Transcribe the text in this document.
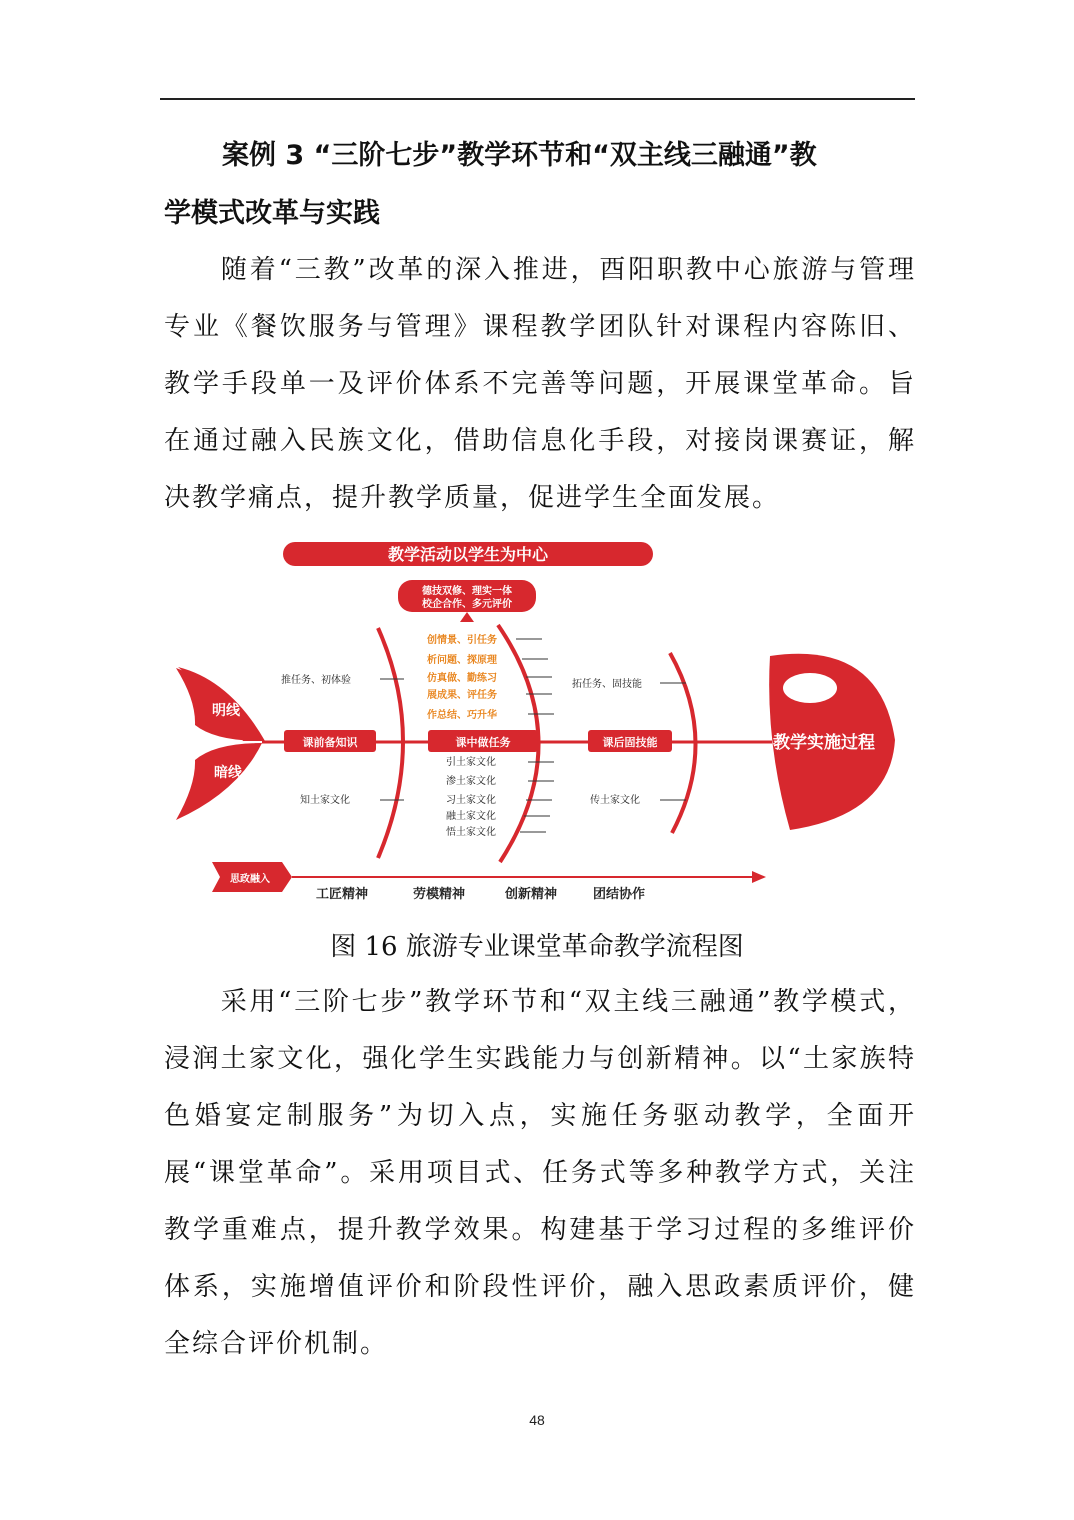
案例 3 “三阶七步”教学环节和“双主线三融通”教
学模式改革与实践

随着“三教”改革的深入推进，酉阳职教中心旅游与管理专业《餐饮服务与管理》课程教学团队针对课程内容陈旧、教学手段单一及评价体系不完善等问题，开展课堂革命。旨在通过融入民族文化，借助信息化手段，对接岗课赛证，解决教学痛点，提升教学质量，促进学生全面发展。

教学活动以学生为中心
德技双修、理实一体
校企合作、多元评价
明线
暗线
课前备知识	课中做任务	课后固技能
推任务、初体验
知土家文化
创情景、引任务
析问题、探原理
仿真做、勤练习
展成果、评任务
作总结、巧升华
引土家文化
渗土家文化
习土家文化
融土家文化
悟土家文化
拓任务、固技能
传土家文化
教学实施过程
思政融入
工匠精神	劳模精神	创新精神	团结协作
图 16 旅游专业课堂革命教学流程图

采用“三阶七步”教学环节和“双主线三融通”教学模式，浸润土家文化，强化学生实践能力与创新精神。以“土家族特色婚宴定制服务”为切入点，实施任务驱动教学，全面开展“课堂革命”。采用项目式、任务式等多种教学方式，关注教学重难点，提升教学效果。构建基于学习过程的多维评价体系，实施增值评价和阶段性评价，融入思政素质评价，健全综合评价机制。

48
